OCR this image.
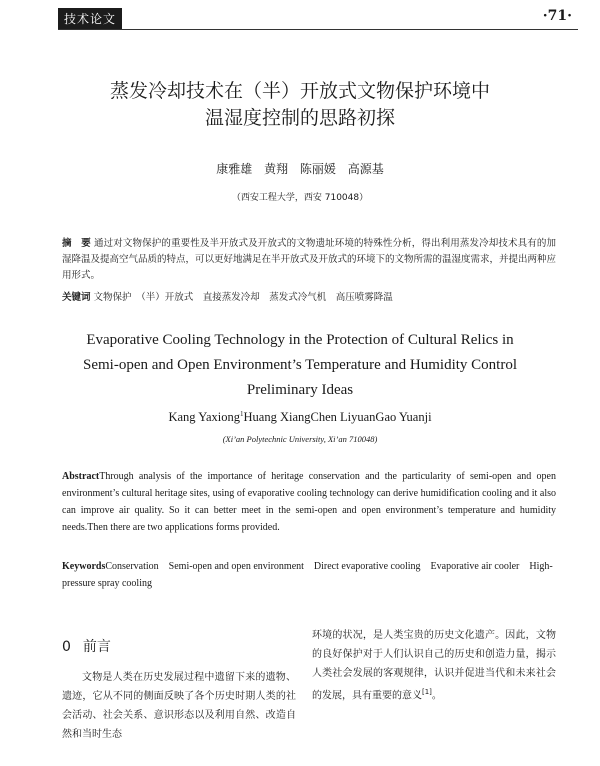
技术论文	·71·
蒸发冷却技术在（半）开放式文物保护环境中
温湿度控制的思路初探
康雅雄 黄翔 陈丽媛 高源基
（西安工程大学，西安 710048）
摘　要 通过对文物保护的重要性及半开放式及开放式的文物遗址环境的特殊性分析，得出利用蒸发冷却技术具有的加湿降温及提高空气品质的特点，可以更好地满足在半开放式及开放式的环境下的文物所需的温湿度需求，并提出两种应用形式。
关键词 文物保护　（半）开放式　直接蒸发冷却　蒸发式冷气机　高压喷雾降温
Evaporative Cooling Technology in the Protection of Cultural Relics in
Semi-open and Open Environment’s Temperature and Humidity Control
Preliminary Ideas
Kang Yaxiong$^1$Huang XiangChen LiyuanGao Yuanji
(Xi’an Polytechnic University, Xi’an 710048)
AbstractThrough analysis of the importance of heritage conservation and the particularity of semi-open and open environment’s cultural heritage sites, using of evaporative cooling technology can derive humidification cooling and it also can improve air quality. So it can better meet in the semi-open and open environment’s temperature and humidity needs.Then there are two applications forms provided.
KeywordsConservation    Semi-open and open environment    Direct evaporative cooling    Evaporative air cooler    High-pressure spray cooling
0 前言
文物是人类在历史发展过程中遗留下来的遗物、遗迹，它从不同的侧面反映了各个历史时期人类的社会活动、社会关系、意识形态以及利用自然、改造自然和当时生态
环境的状况，是人类宝贵的历史文化遗产。因此，文物的良好保护对于人们认识自己的历史和创造力量，揭示人类社会发展的客观规律，认识并促进当代和未来社会的发展，具有重要的意义[1]。
